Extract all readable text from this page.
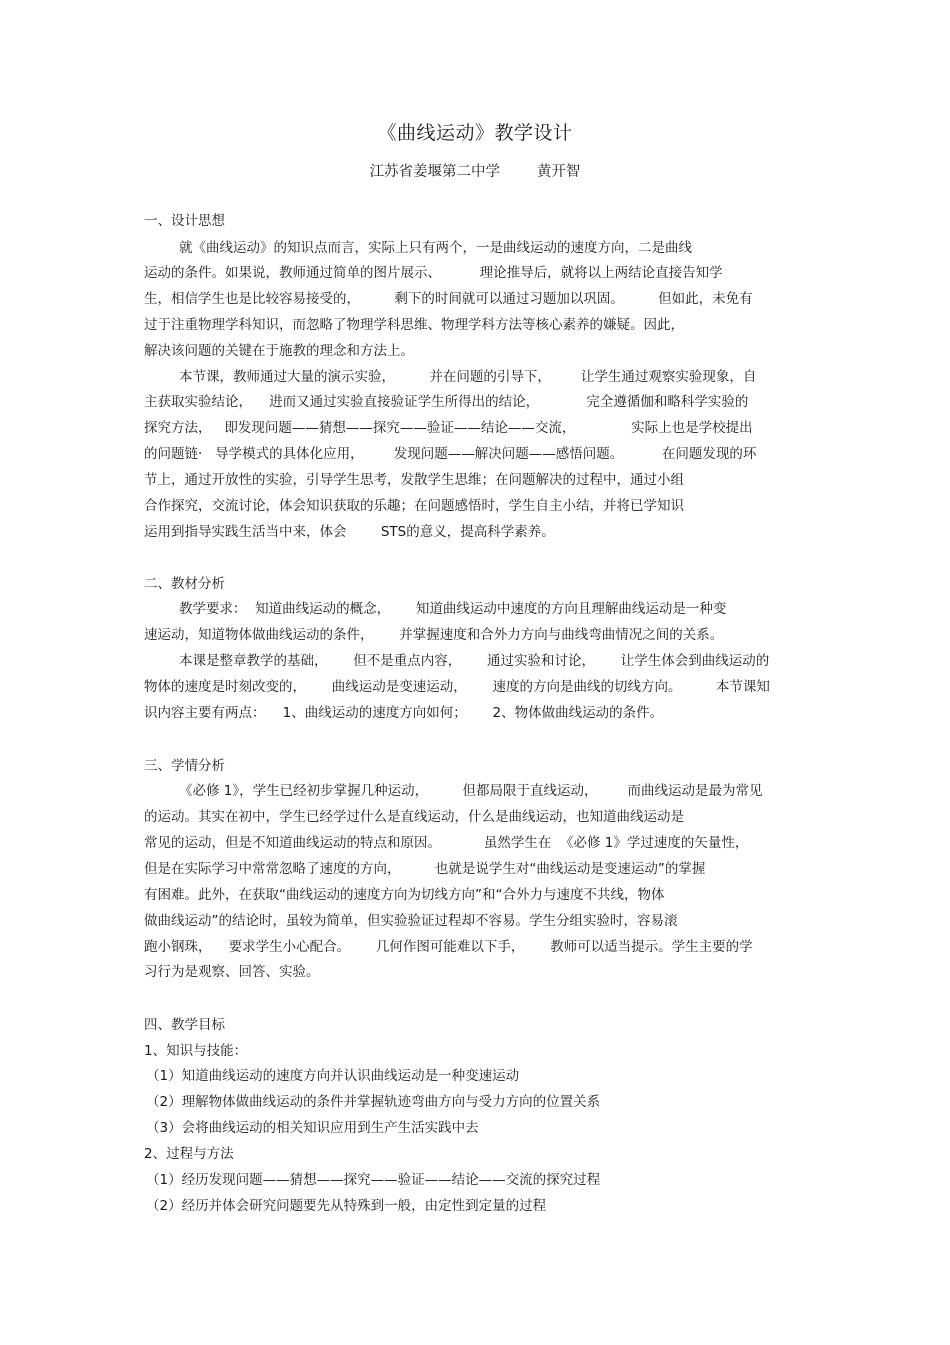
《曲线运动》教学设计
江苏省姜堰第二中学        黄开智
一、设计思想
就《曲线运动》的知识点而言，实际上只有两个，一是曲线运动的速度方向，二是曲线
运动的条件。如果说，教师通过简单的图片展示、         理论推导后，就将以上两结论直接告知学
生，相信学生也是比较容易接受的，        剩下的时间就可以通过习题加以巩固。        但如此，未免有
过于注重物理学科知识，而忽略了物理学科思维、物理学科方法等核心素养的嫌疑。因此，
解决该问题的关键在于施教的理念和方法上。
本节课，教师通过大量的演示实验，        并在问题的引导下，       让学生通过观察实验现象，自
主获取实验结论，    进而又通过实验直接验证学生所得出的结论，           完全遵循伽和略科学实验的
探究方法，   即发现问题——猜想——探究——验证——结论——交流，             实际上也是学校提出
的问题链·   导学模式的具体化应用，       发现问题——解决问题——感悟问题。         在问题发现的环
节上，通过开放性的实验，引导学生思考，发散学生思维；在问题解决的过程中，通过小组
合作探究，交流讨论，体会知识获取的乐趣；在问题感悟时，学生自主小结，并将已学知识
运用到指导实践生活当中来，体会        STS的意义，提高科学素养。
二、教材分析
教学要求：  知道曲线运动的概念，      知道曲线运动中速度的方向且理解曲线运动是一种变
速运动，知道物体做曲线运动的条件，      并掌握速度和合外力方向与曲线弯曲情况之间的关系。
本课是整章教学的基础，      但不是重点内容，      通过实验和讨论，      让学生体会到曲线运动的
物体的速度是时刻改变的，      曲线运动是变速运动，      速度的方向是曲线的切线方向。        本节课知
识内容主要有两点：    1、曲线运动的速度方向如何；      2、物体做曲线运动的条件。
三、学情分析
《必修 1》，学生已经初步掌握几种运动，        但都局限于直线运动，       而曲线运动是最为常见
的运动。其实在初中，学生已经学过什么是直线运动，什么是曲线运动，也知道曲线运动是
常见的运动，但是不知道曲线运动的特点和原因。          虽然学生在  《必修 1》学过速度的矢量性，
但是在实际学习中常常忽略了速度的方向，        也就是说学生对“曲线运动是变速运动”的掌握
有困难。此外，在获取“曲线运动的速度方向为切线方向”和“合外力与速度不共线，物体
做曲线运动”的结论时，虽较为简单，但实验验证过程却不容易。学生分组实验时，容易滚
跑小钢珠，    要求学生小心配合。      几何作图可能难以下手，      教师可以适当提示。学生主要的学
习行为是观察、回答、实验。
四、教学目标
1、知识与技能：
（1）知道曲线运动的速度方向并认识曲线运动是一种变速运动
（2）理解物体做曲线运动的条件并掌握轨迹弯曲方向与受力方向的位置关系
（3）会将曲线运动的相关知识应用到生产生活实践中去
2、过程与方法
（1）经历发现问题——猜想——探究——验证——结论——交流的探究过程
（2）经历并体会研究问题要先从特殊到一般，由定性到定量的过程
